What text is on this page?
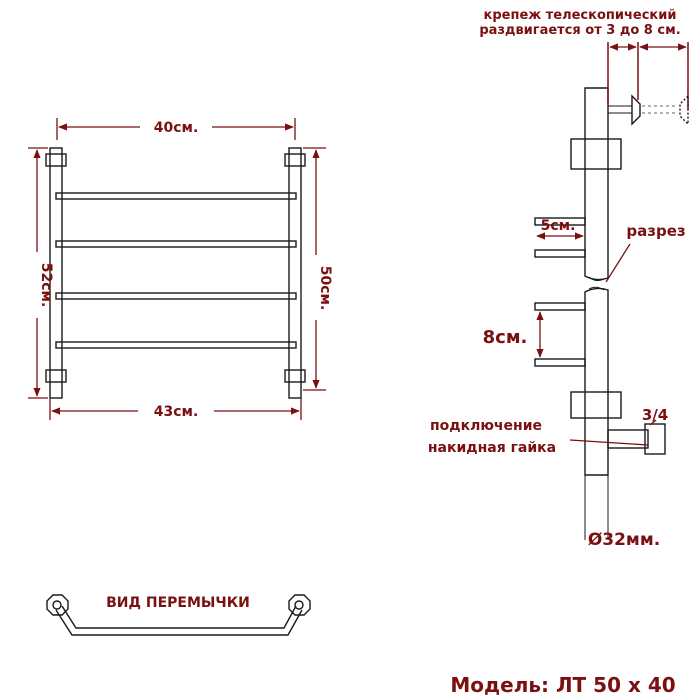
40см.
43см.
52см.	50см.
крепеж телескопический
раздвигается от 3 до 8 см.
5см.
8см.
разрез
3/4
подключение
накидная гайка
Ø32мм.
ВИД ПЕРЕМЫЧКИ
Модель: ЛТ 50 х 40
